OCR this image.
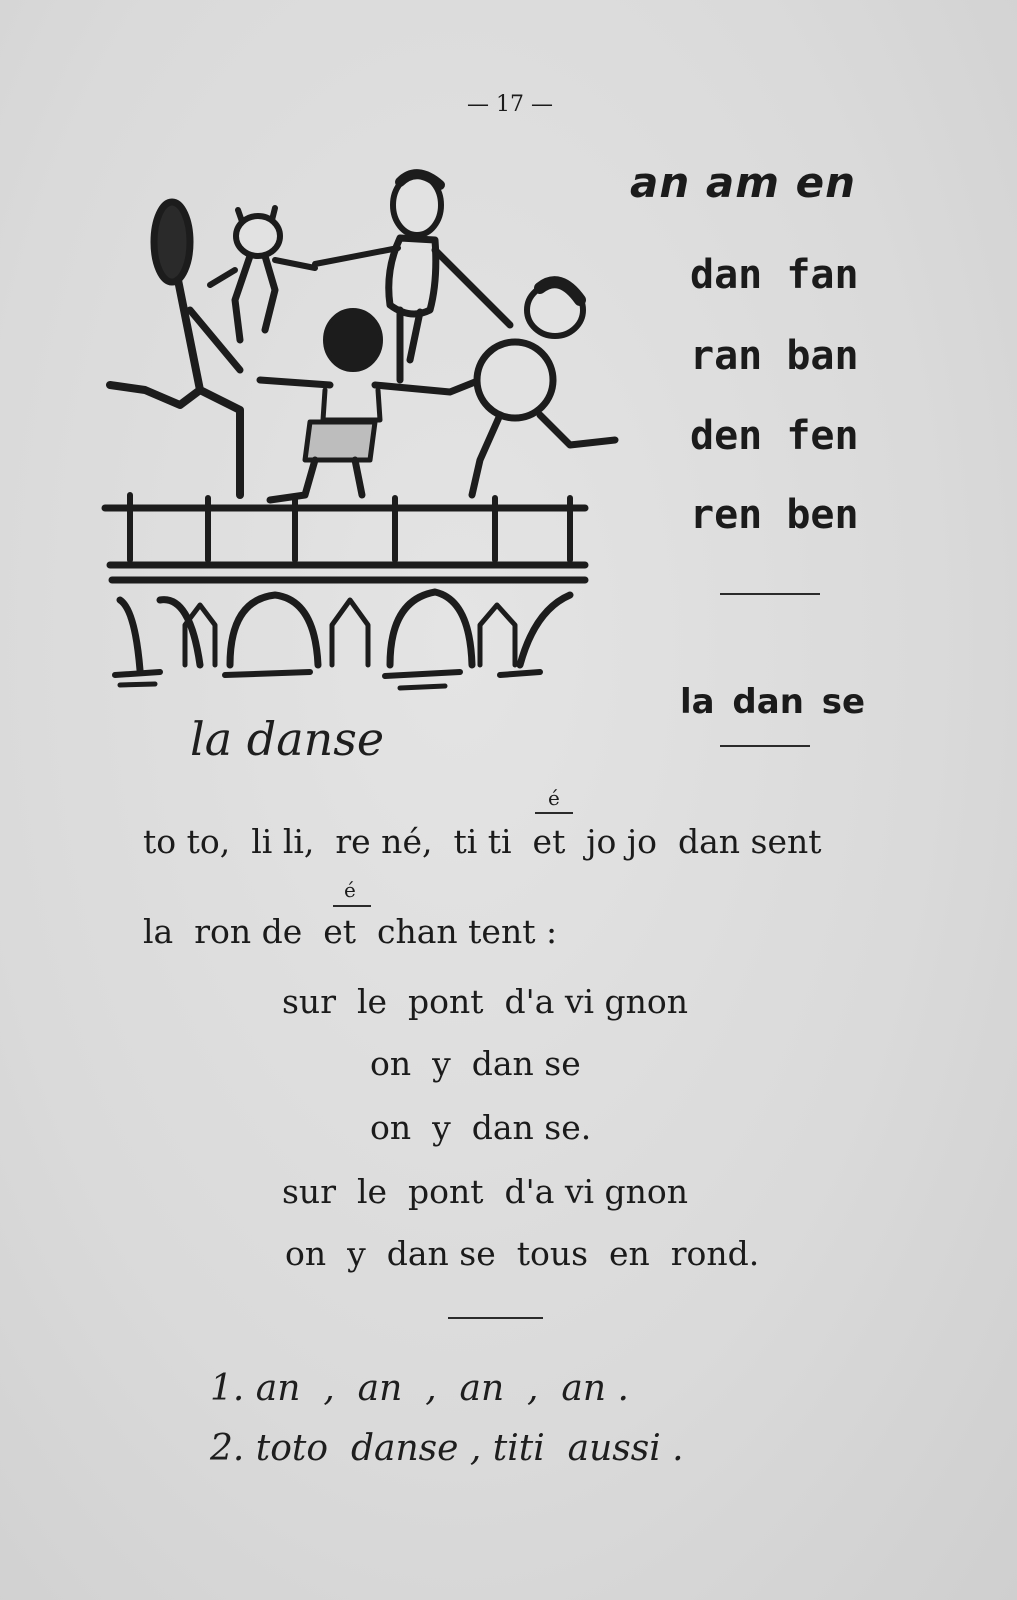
— 17 —
an am en
dan fan
ran ban
den fen
ren ben
la dan se
la danse
é
é
to to,  li li,  re né,  ti ti  et  jo jo  dan sent
la  ron de  et  chan tent :
sur  le  pont  d'a vi gnon
on  y  dan se
on  y  dan se.
sur  le  pont  d'a vi gnon
on  y  dan se  tous  en  rond.
1. an  ,  an  ,  an  ,  an .
2. toto  danse , titi  aussi .
